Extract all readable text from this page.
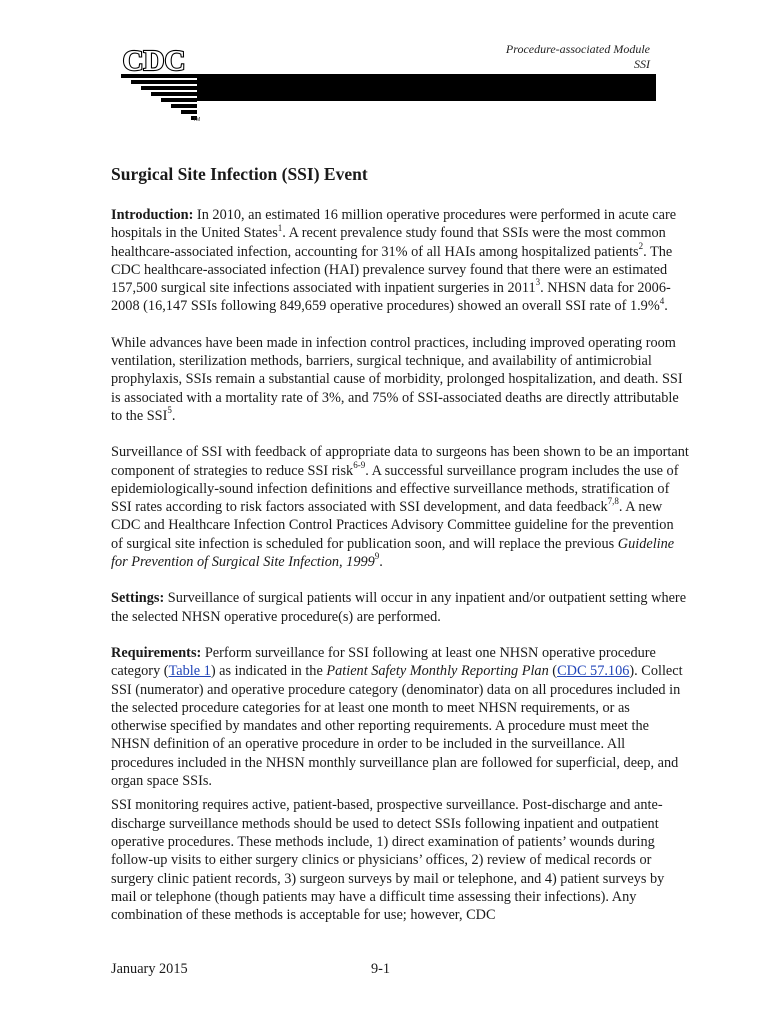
Procedure-associated Module
SSI
CDC
TM
Surgical Site Infection (SSI) Event

Introduction: In 2010, an estimated 16 million operative procedures were performed in acute care hospitals in the United States$^1$. A recent prevalence study found that SSIs were the most common healthcare-associated infection, accounting for 31% of all HAIs among hospitalized patients$^2$. The CDC healthcare-associated infection (HAI) prevalence survey found that there were an estimated 157,500 surgical site infections associated with inpatient surgeries in 2011$^3$. NHSN data for 2006-2008 (16,147 SSIs following 849,659 operative procedures) showed an overall SSI rate of 1.9%$^4$.

While advances have been made in infection control practices, including improved operating room ventilation, sterilization methods, barriers, surgical technique, and availability of antimicrobial prophylaxis, SSIs remain a substantial cause of morbidity, prolonged hospitalization, and death. SSI is associated with a mortality rate of 3%, and 75% of SSI-associated deaths are directly attributable to the SSI$^5$.

Surveillance of SSI with feedback of appropriate data to surgeons has been shown to be an important component of strategies to reduce SSI risk$^{6-9}$. A successful surveillance program includes the use of epidemiologically-sound infection definitions and effective surveillance methods, stratification of SSI rates according to risk factors associated with SSI development, and data feedback$^{7,8}$. A new CDC and Healthcare Infection Control Practices Advisory Committee guideline for the prevention of surgical site infection is scheduled for publication soon, and will replace the previous Guideline for Prevention of Surgical Site Infection, 1999$^9$.

Settings: Surveillance of surgical patients will occur in any inpatient and/or outpatient setting where the selected NHSN operative procedure(s) are performed.

Requirements: Perform surveillance for SSI following at least one NHSN operative procedure category (Table 1) as indicated in the Patient Safety Monthly Reporting Plan (CDC 57.106). Collect SSI (numerator) and operative procedure category (denominator) data on all procedures included in the selected procedure categories for at least one month to meet NHSN requirements, or as otherwise specified by mandates and other reporting requirements. A procedure must meet the NHSN definition of an operative procedure in order to be included in the surveillance. All procedures included in the NHSN monthly surveillance plan are followed for superficial, deep, and organ space SSIs.

SSI monitoring requires active, patient-based, prospective surveillance. Post-discharge and ante-discharge surveillance methods should be used to detect SSIs following inpatient and outpatient operative procedures. These methods include, 1) direct examination of patients’ wounds during follow-up visits to either surgery clinics or physicians’ offices, 2) review of medical records or surgery clinic patient records, 3) surgeon surveys by mail or telephone, and 4) patient surveys by mail or telephone (though patients may have a difficult time assessing their infections). Any combination of these methods is acceptable for use; however, CDC

January 2015	9-1
